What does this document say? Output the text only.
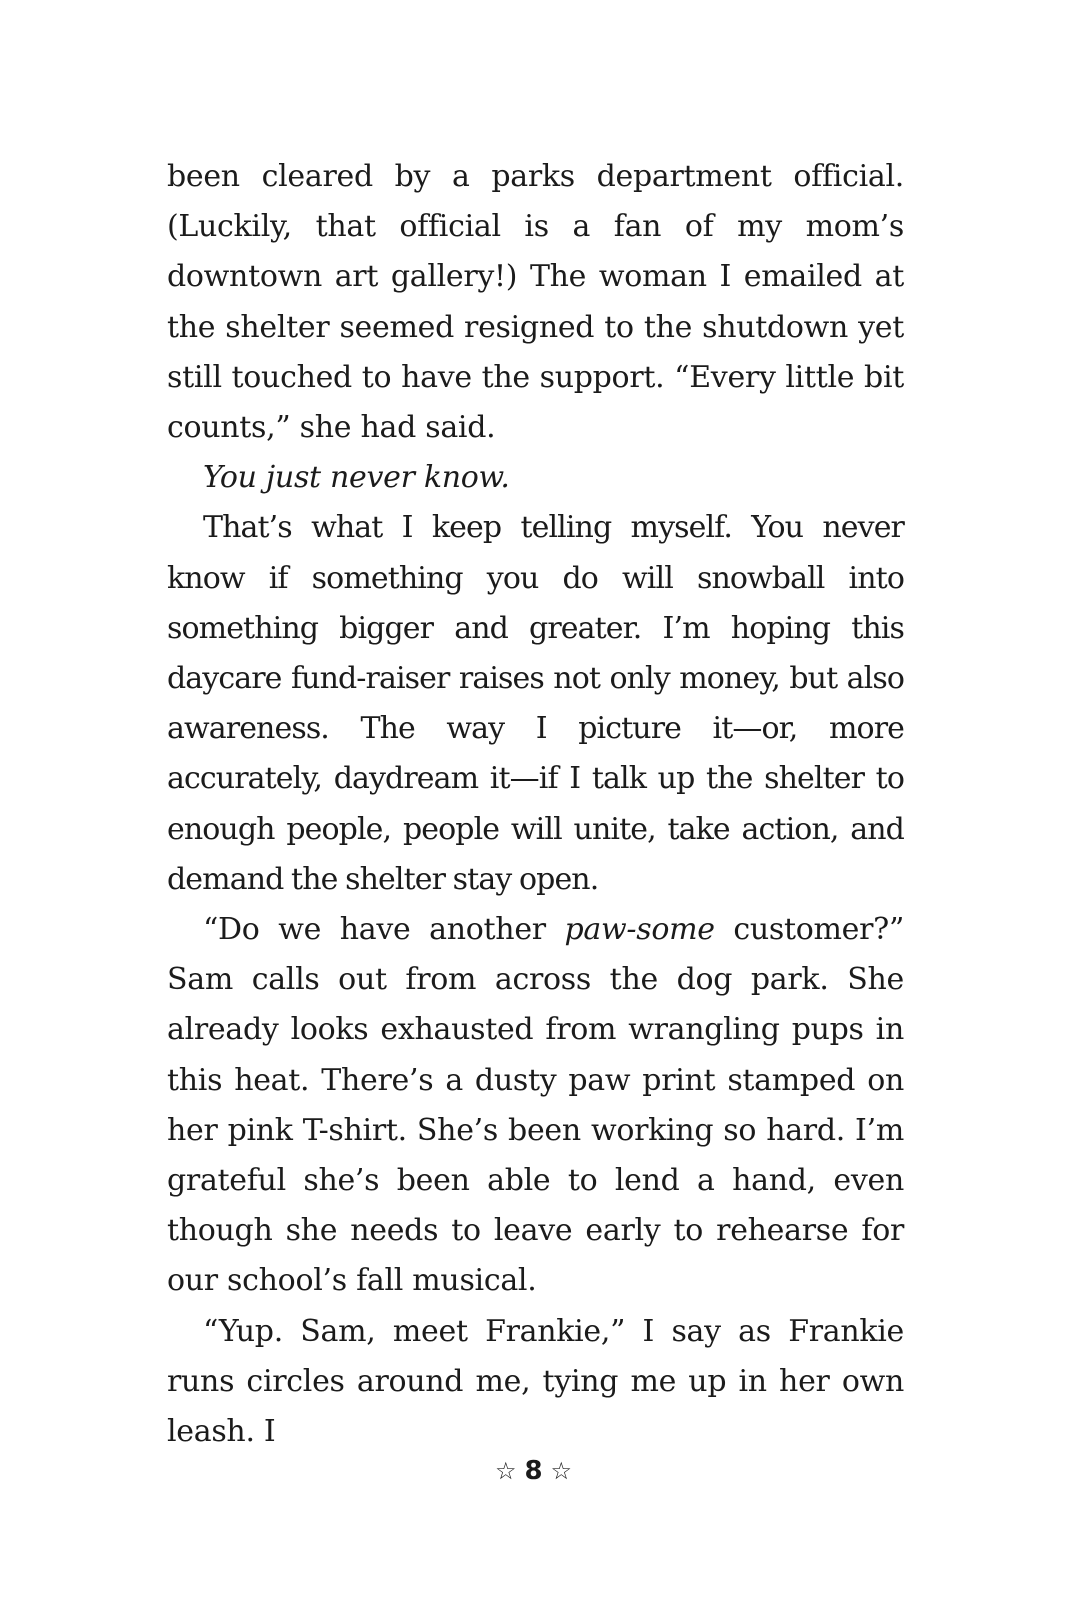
been cleared by a parks department official. (Luckily, that official is a fan of my mom’s downtown art gallery!) The woman I emailed at the shelter seemed resigned to the shutdown yet still touched to have the support. “Every little bit counts,” she had said.

You just never know.

That’s what I keep telling myself. You never know if something you do will snowball into something bigger and greater. I’m hoping this daycare fund-raiser raises not only money, but also awareness. The way I picture it—or, more accurately, daydream it—if I talk up the shelter to enough people, people will unite, take action, and demand the shelter stay open.

“Do we have another paw-some customer?” Sam calls out from across the dog park. She already looks exhausted from wrangling pups in this heat. There’s a dusty paw print stamped on her pink T-shirt. She’s been working so hard. I’m grateful she’s been able to lend a hand, even though she needs to leave early to rehearse for our school’s fall musical.

“Yup. Sam, meet Frankie,” I say as Frankie runs circles around me, tying me up in her own leash. I

☆ 8 ☆
